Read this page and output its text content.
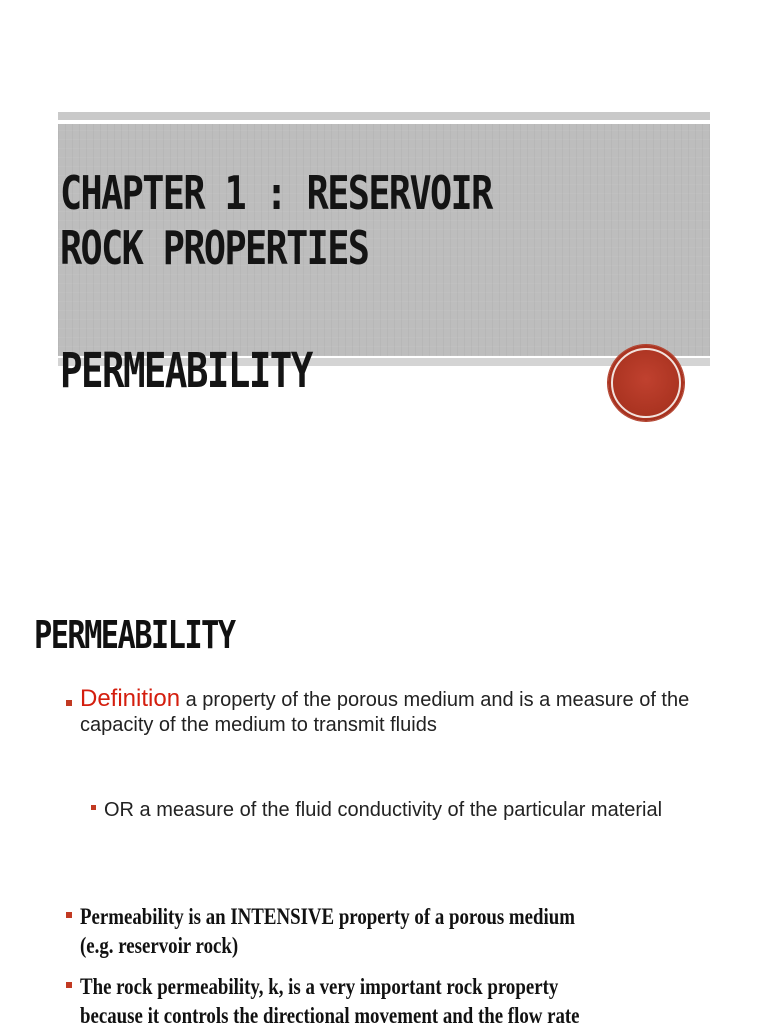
CHAPTER 1 : RESERVOIR
ROCK PROPERTIES
PERMEABILITY
PERMEABILITY

Definition a property of the porous medium and is a measure of the capacity of the medium to transmit fluids

OR a measure of the fluid conductivity of the particular material

Permeability is an INTENSIVE property of a porous medium
(e.g. reservoir rock)
The rock permeability, k, is a very important rock property
because it controls the directional movement and the flow rate
